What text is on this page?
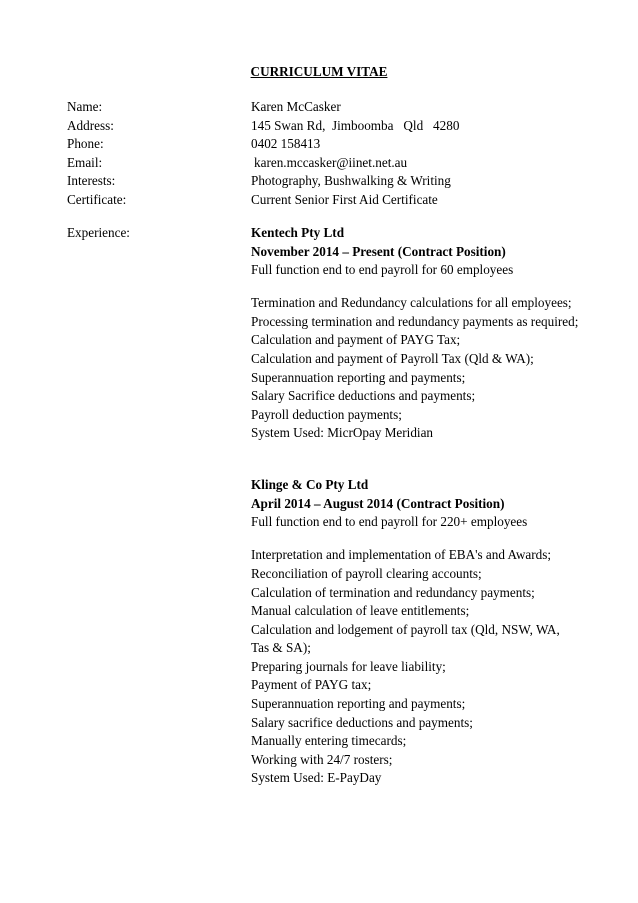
CURRICULUM VITAE
Name:	Karen McCasker
Address:	145 Swan Rd,  Jimboomba   Qld   4280
Phone:	0402 158413
Email:	karen.mccasker@iinet.net.au
Interests:	Photography, Bushwalking & Writing
Certificate:	Current Senior First Aid Certificate
Experience:	Kentech Pty Ltd
November 2014 – Present (Contract Position)
Full function end to end payroll for 60 employees
Termination and Redundancy calculations for all employees;
Processing termination and redundancy payments as required;
Calculation and payment of PAYG Tax;
Calculation and payment of Payroll Tax (Qld & WA);
Superannuation reporting and payments;
Salary Sacrifice deductions and payments;
Payroll deduction payments;
System Used: MicrOpay Meridian
Klinge & Co Pty Ltd
April 2014 – August 2014 (Contract Position)
Full function end to end payroll for 220+ employees
Interpretation and implementation of EBA's and Awards;
Reconciliation of payroll clearing accounts;
Calculation of termination and redundancy payments;
Manual calculation of leave entitlements;
Calculation and lodgement of payroll tax (Qld, NSW, WA,
Tas & SA);
Preparing journals for leave liability;
Payment of PAYG tax;
Superannuation reporting and payments;
Salary sacrifice deductions and payments;
Manually entering timecards;
Working with 24/7 rosters;
System Used: E-PayDay
